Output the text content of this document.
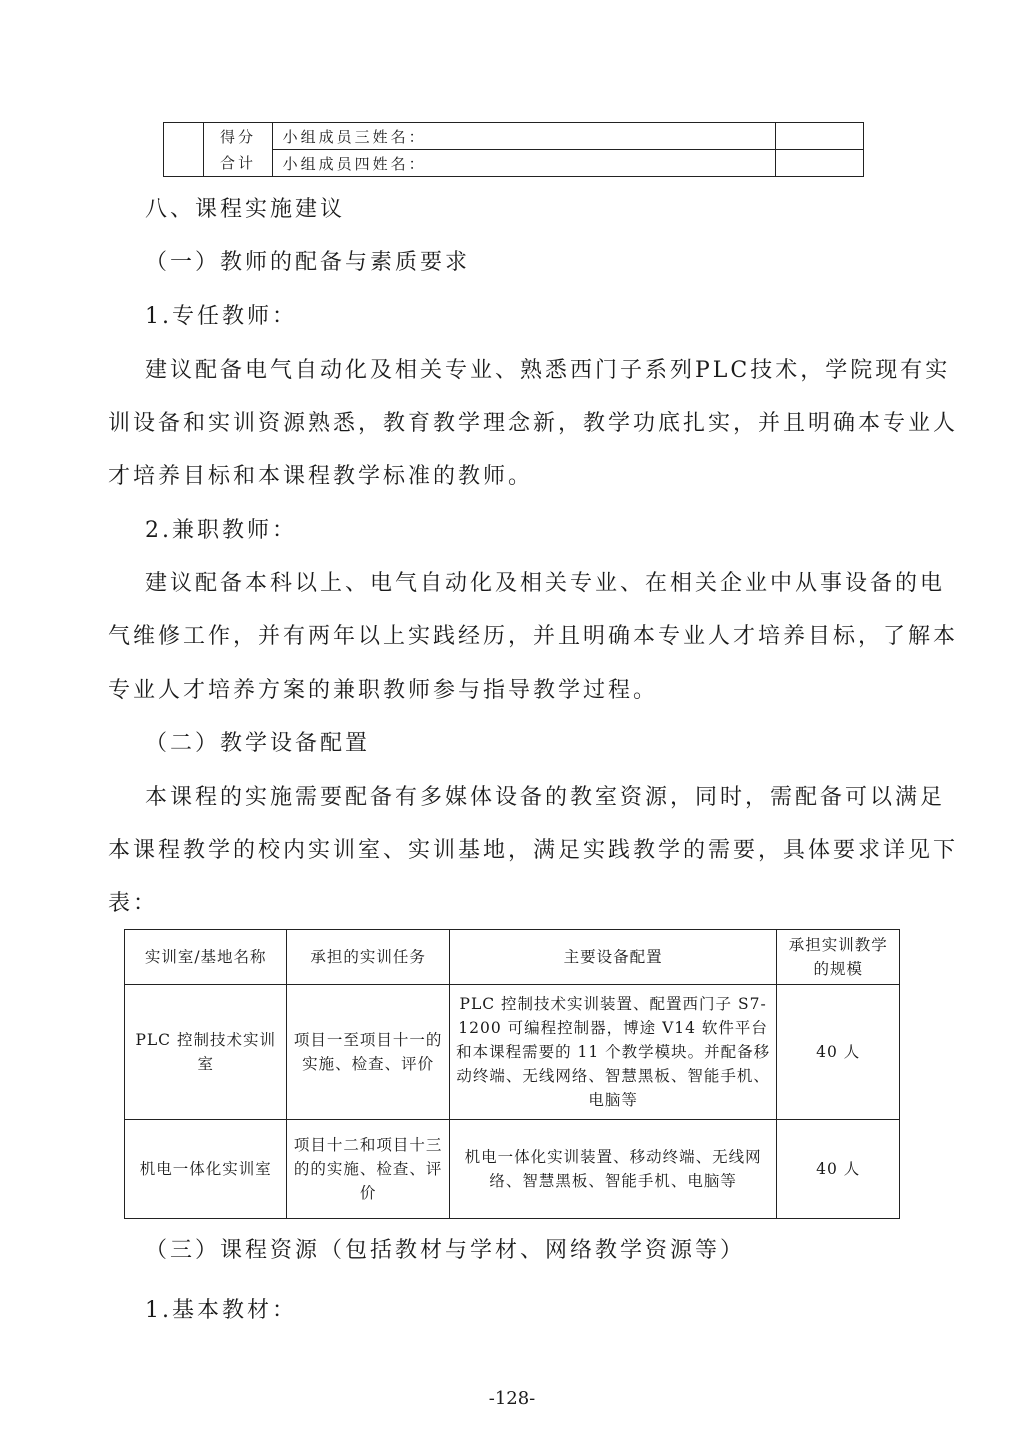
	得分	小组成员三姓名：	
	合计	小组成员四姓名：	
八、课程实施建议
（一）教师的配备与素质要求
1.专任教师：
建议配备电气自动化及相关专业、熟悉西门子系列PLC技术，学院现有实
训设备和实训资源熟悉，教育教学理念新，教学功底扎实，并且明确本专业人
才培养目标和本课程教学标准的教师。
2.兼职教师：
建议配备本科以上、电气自动化及相关专业、在相关企业中从事设备的电
气维修工作，并有两年以上实践经历，并且明确本专业人才培养目标，了解本
专业人才培养方案的兼职教师参与指导教学过程。
（二）教学设备配置
本课程的实施需要配备有多媒体设备的教室资源，同时，需配备可以满足
本课程教学的校内实训室、实训基地，满足实践教学的需要，具体要求详见下
表：
实训室/基地名称	承担的实训任务	主要设备配置	承担实训教学的规模
PLC 控制技术实训室	项目一至项目十一的实施、检查、评价	PLC 控制技术实训装置、配置西门子 S7-1200 可编程控制器，博途 V14 软件平台和本课程需要的 11 个教学模块。并配备移动终端、无线网络、智慧黑板、智能手机、电脑等	40 人
机电一体化实训室	项目十二和项目十三的的实施、检查、评价	机电一体化实训装置、移动终端、无线网络、智慧黑板、智能手机、电脑等	40 人
（三）课程资源（包括教材与学材、网络教学资源等）
1.基本教材：
-128-
